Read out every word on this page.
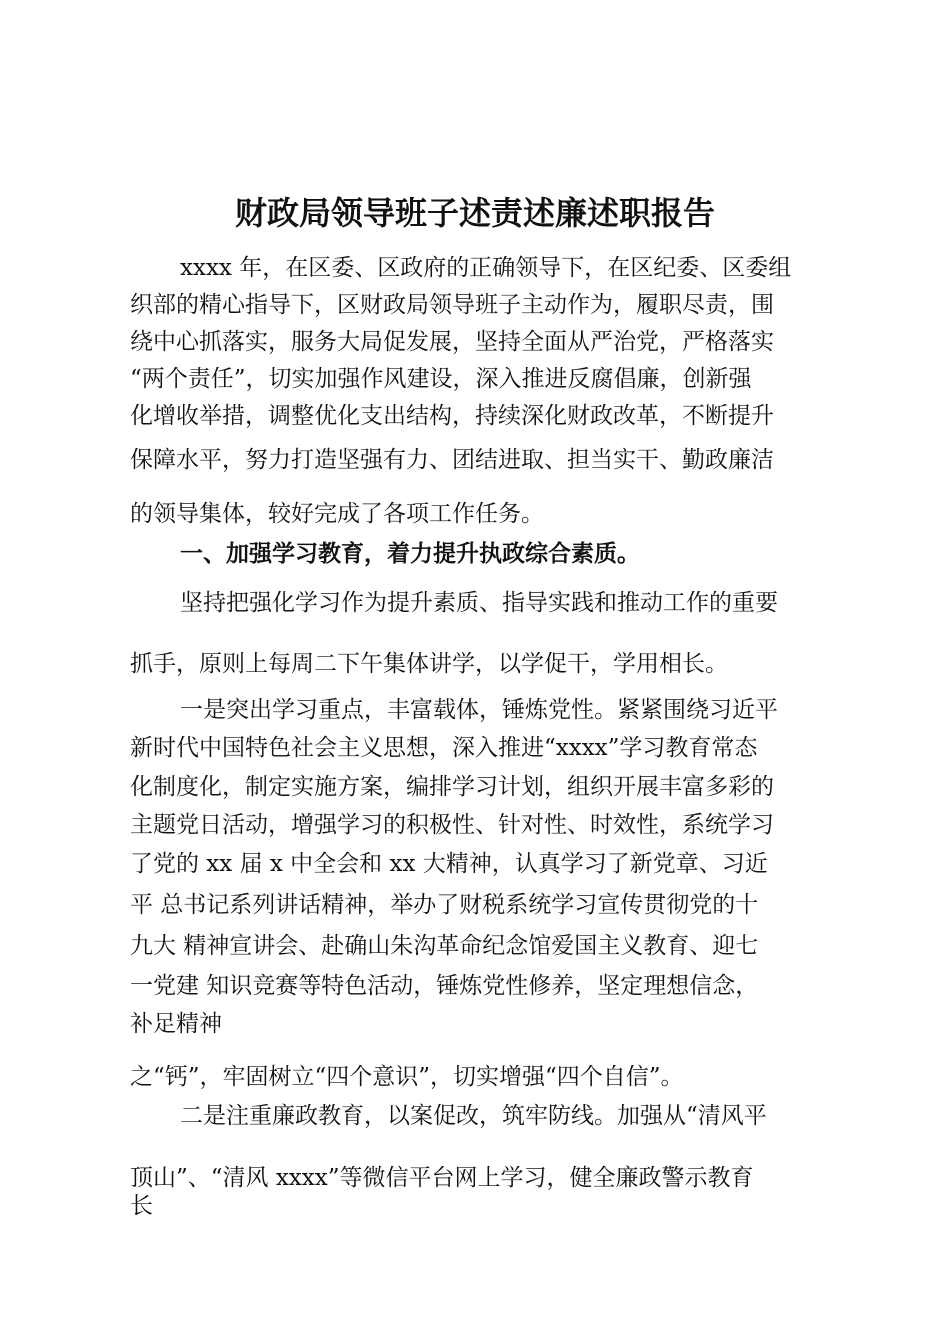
财政局领导班子述责述廉述职报告

xxxx 年，在区委、区政府的正确领导下，在区纪委、区委组

织部的精心指导下，区财政局领导班子主动作为，履职尽责，围

绕中心抓落实，服务大局促发展，坚持全面从严治党，严格落实

“两个责任”，切实加强作风建设，深入推进反腐倡廉，创新强

化增收举措，调整优化支出结构，持续深化财政改革，不断提升

保障水平，努力打造坚强有力、团结进取、担当实干、勤政廉洁

的领导集体，较好完成了各项工作任务。

一、加强学习教育，着力提升执政综合素质。

坚持把强化学习作为提升素质、指导实践和推动工作的重要

抓手，原则上每周二下午集体讲学，以学促干，学用相长。

一是突出学习重点，丰富载体，锤炼党性。紧紧围绕习近平

新时代中国特色社会主义思想，深入推进“xxxx”学习教育常态

化制度化，制定实施方案，编排学习计划，组织开展丰富多彩的

主题党日活动，增强学习的积极性、针对性、时效性，系统学习

了党的 xx 届 x 中全会和 xx 大精神，认真学习了新党章、习近

平 总书记系列讲话精神，举办了财税系统学习宣传贯彻党的十

九大 精神宣讲会、赴确山朱沟革命纪念馆爱国主义教育、迎七

一党建 知识竞赛等特色活动，锤炼党性修养，坚定理想信念，

补足精神

之“钙”，牢固树立“四个意识”，切实增强“四个自信”。

二是注重廉政教育，以案促改，筑牢防线。加强从“清风平

顶山”、“清风 xxxx”等微信平台网上学习，健全廉政警示教育

长
